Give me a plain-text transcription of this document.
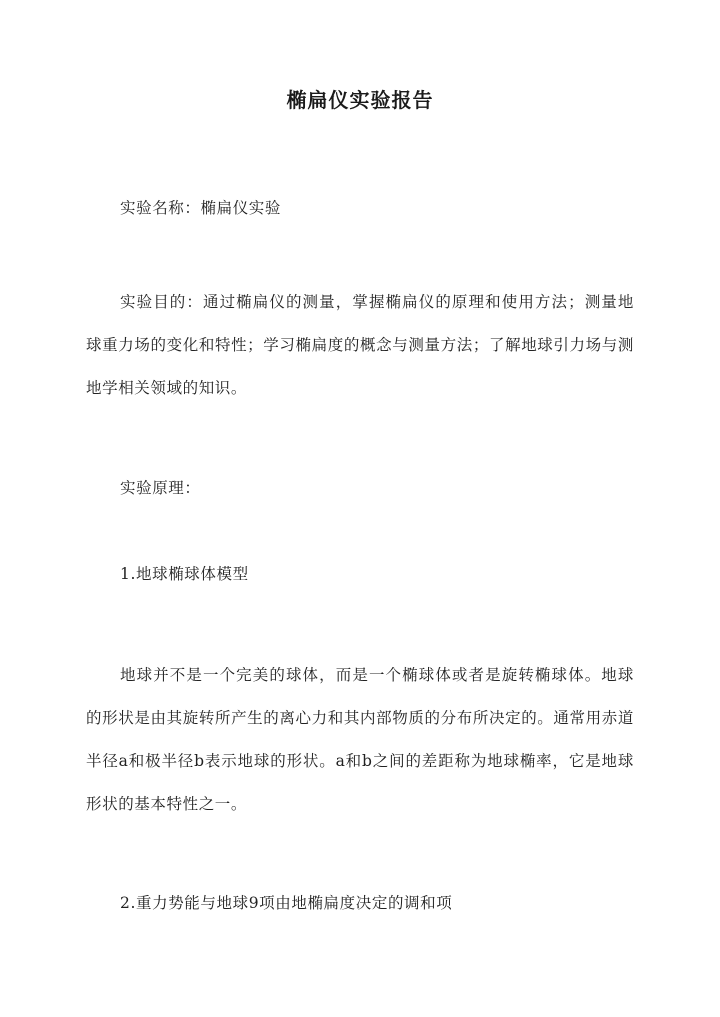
椭扁仪实验报告
实验名称：椭扁仪实验
实验目的：通过椭扁仪的测量，掌握椭扁仪的原理和使用方法；测量地球重力场的变化和特性；学习椭扁度的概念与测量方法；了解地球引力场与测地学相关领域的知识。
实验原理：
1.地球椭球体模型
地球并不是一个完美的球体，而是一个椭球体或者是旋转椭球体。地球的形状是由其旋转所产生的离心力和其内部物质的分布所决定的。通常用赤道半径a和极半径b表示地球的形状。a和b之间的差距称为地球椭率，它是地球形状的基本特性之一。
2.重力势能与地球9项由地椭扁度决定的调和项
